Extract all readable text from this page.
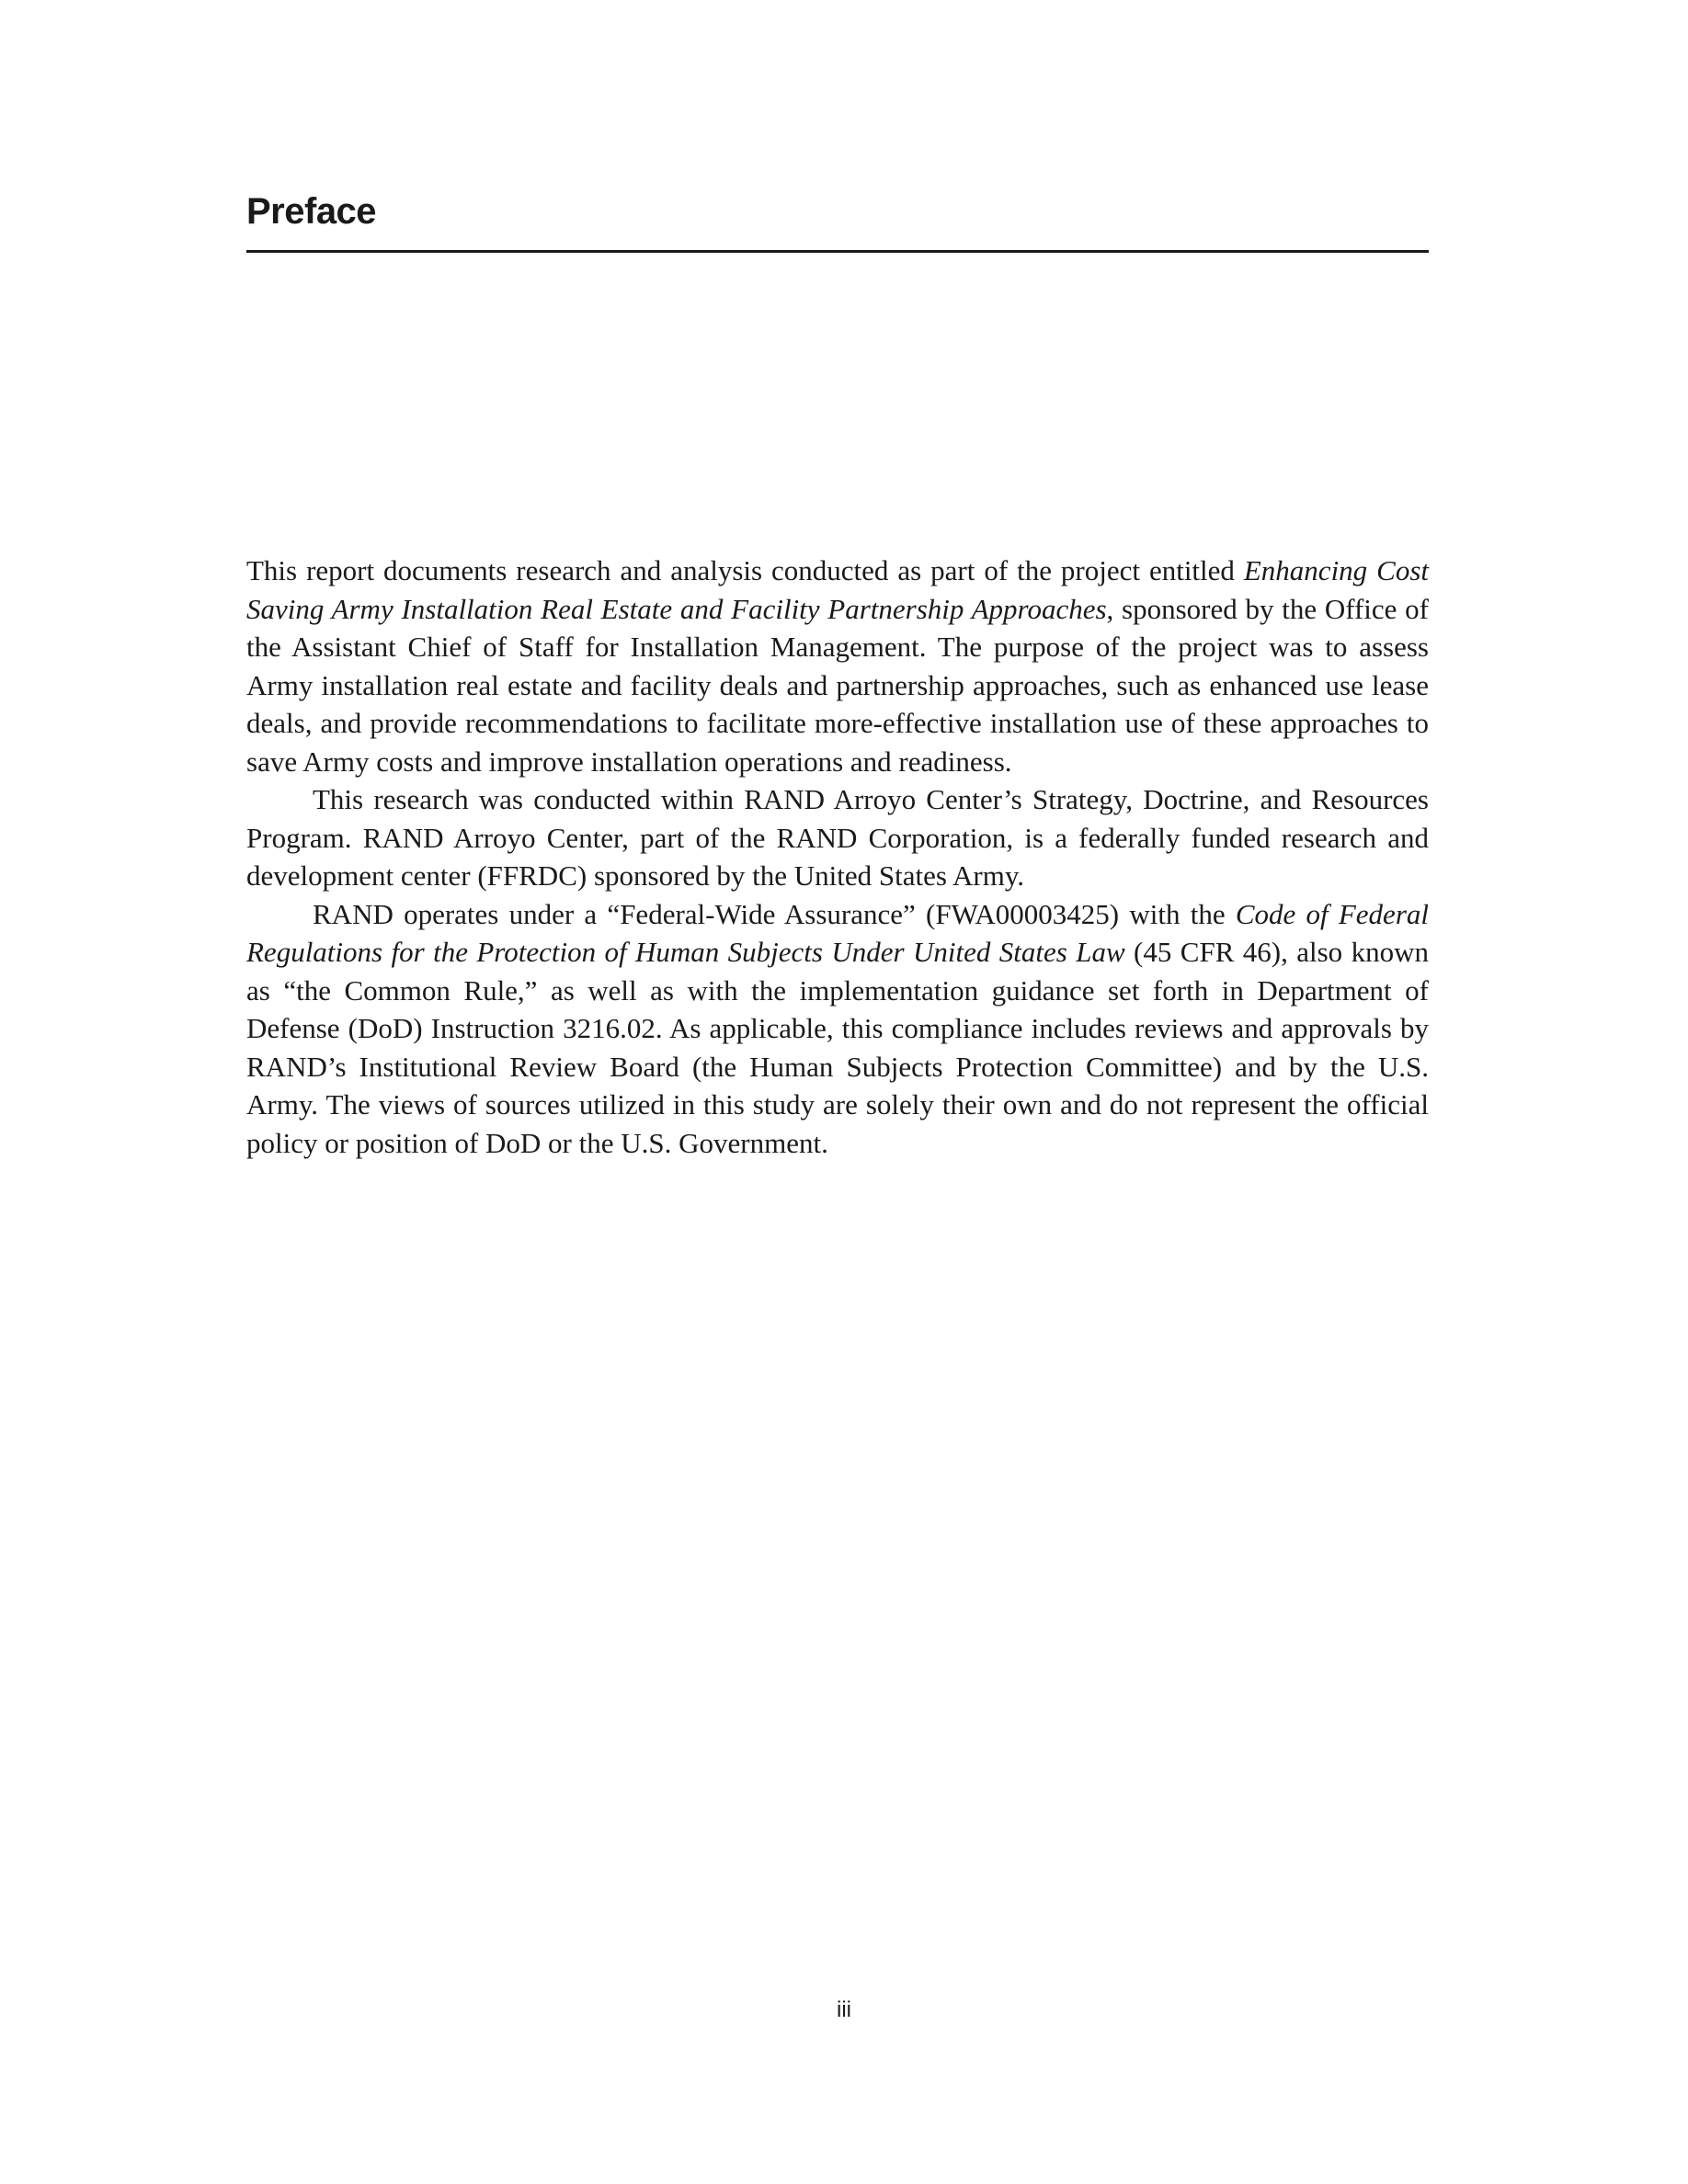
Preface

This report documents research and analysis conducted as part of the project entitled Enhancing Cost Saving Army Installation Real Estate and Facility Partnership Approaches, sponsored by the Office of the Assistant Chief of Staff for Installation Management. The purpose of the project was to assess Army installation real estate and facility deals and partnership approaches, such as enhanced use lease deals, and provide recommendations to facilitate more-effective installation use of these approaches to save Army costs and improve installation operations and readiness.

This research was conducted within RAND Arroyo Center’s Strategy, Doctrine, and Resources Program. RAND Arroyo Center, part of the RAND Corporation, is a federally funded research and development center (FFRDC) sponsored by the United States Army.

RAND operates under a “Federal-Wide Assurance” (FWA00003425) with the Code of Federal Regulations for the Protection of Human Subjects Under United States Law (45 CFR 46), also known as “the Common Rule,” as well as with the implementation guidance set forth in Department of Defense (DoD) Instruction 3216.02. As applicable, this compliance includes reviews and approvals by RAND’s Institutional Review Board (the Human Subjects Protection Committee) and by the U.S. Army. The views of sources utilized in this study are solely their own and do not represent the official policy or position of DoD or the U.S. Government.

iii
